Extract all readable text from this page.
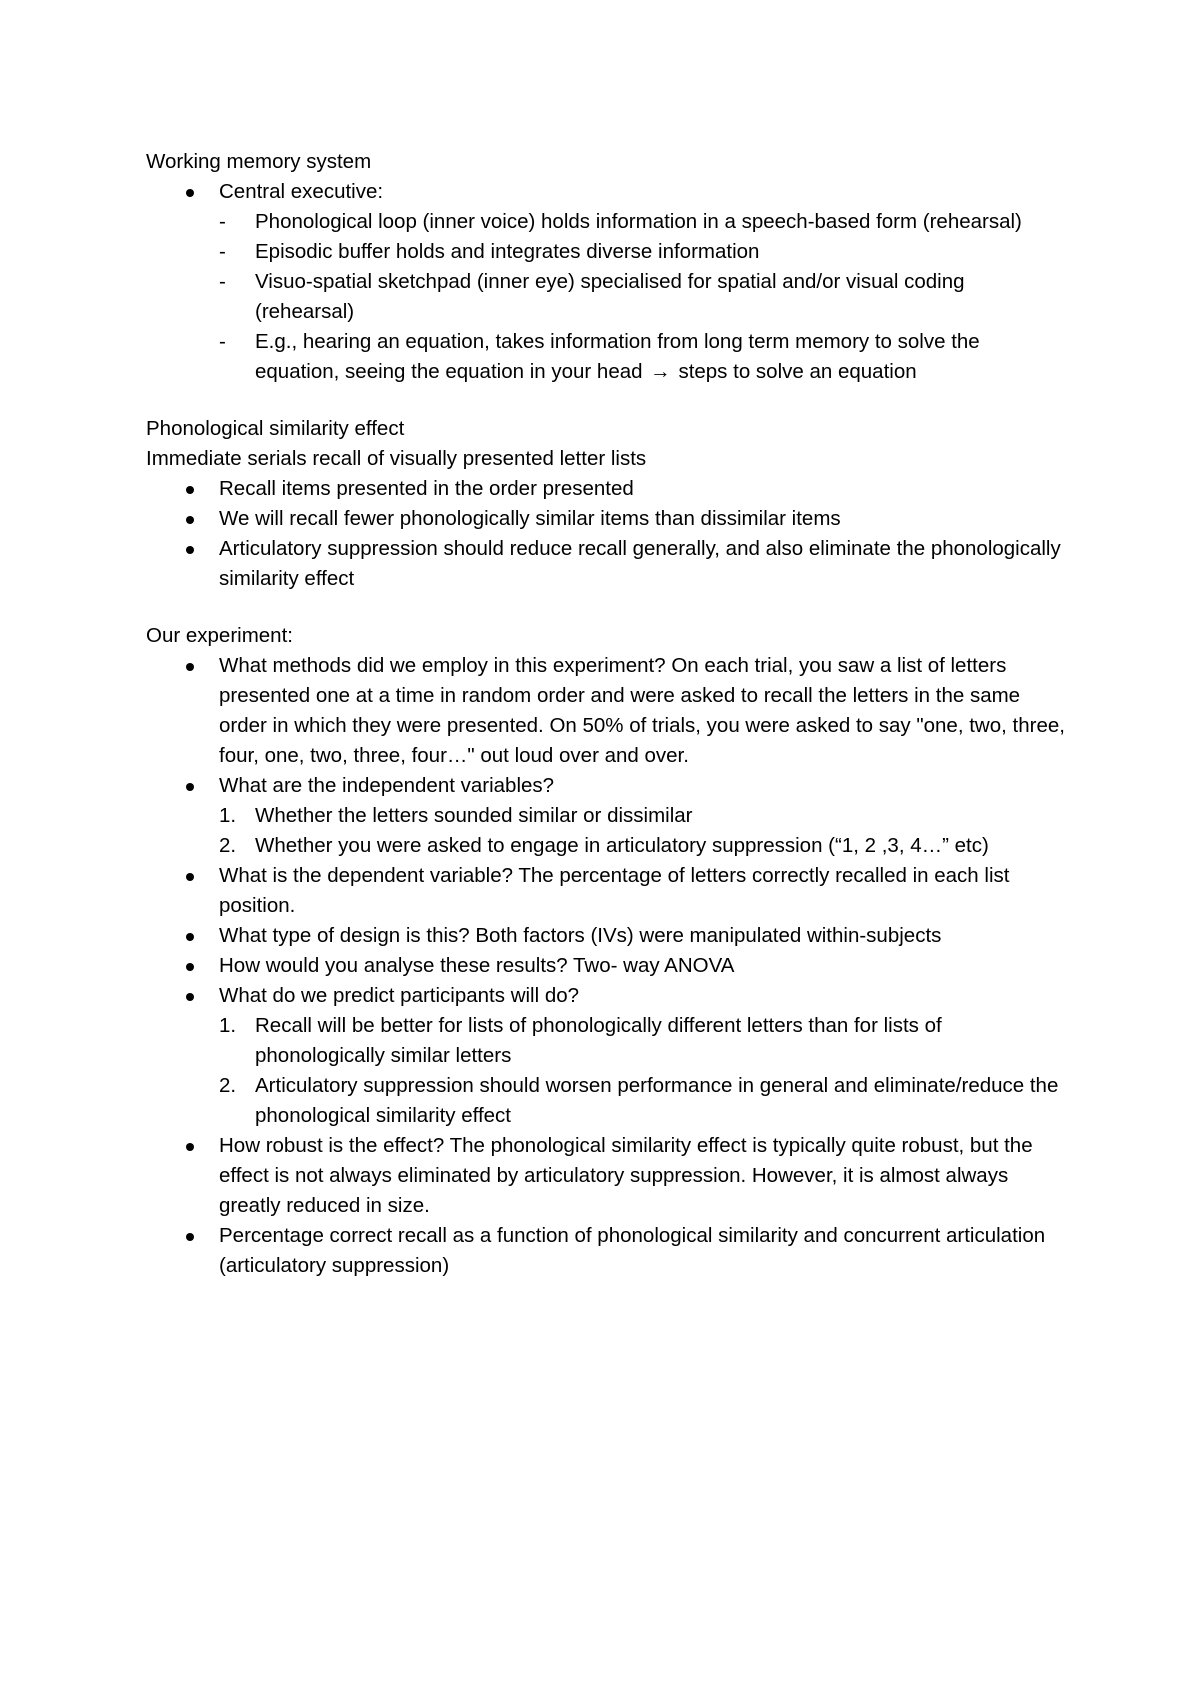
Working memory system
Central executive:
- Phonological loop (inner voice) holds information in a speech-based form (rehearsal)
- Episodic buffer holds and integrates diverse information
- Visuo-spatial sketchpad (inner eye) specialised for spatial and/or visual coding (rehearsal)
- E.g., hearing an equation, takes information from long term memory to solve the equation, seeing the equation in your head → steps to solve an equation
Phonological similarity effect
Immediate serials recall of visually presented letter lists
Recall items presented in the order presented
We will recall fewer phonologically similar items than dissimilar items
Articulatory suppression should reduce recall generally, and also eliminate the phonologically similarity effect
Our experiment:
What methods did we employ in this experiment? On each trial, you saw a list of letters presented one at a time in random order and were asked to recall the letters in the same order in which they were presented. On 50% of trials, you were asked to say "one, two, three, four, one, two, three, four…" out loud over and over.
What are the independent variables?
1. Whether the letters sounded similar or dissimilar
2. Whether you were asked to engage in articulatory suppression (“1, 2 ,3, 4…” etc)
What is the dependent variable? The percentage of letters correctly recalled in each list position.
What type of design is this? Both factors (IVs) were manipulated within-subjects
How would you analyse these results? Two- way ANOVA
What do we predict participants will do?
1. Recall will be better for lists of phonologically different letters than for lists of phonologically similar letters
2. Articulatory suppression should worsen performance in general and eliminate/reduce the phonological similarity effect
How robust is the effect? The phonological similarity effect is typically quite robust, but the effect is not always eliminated by articulatory suppression. However, it is almost always greatly reduced in size.
Percentage correct recall as a function of phonological similarity and concurrent articulation (articulatory suppression)
